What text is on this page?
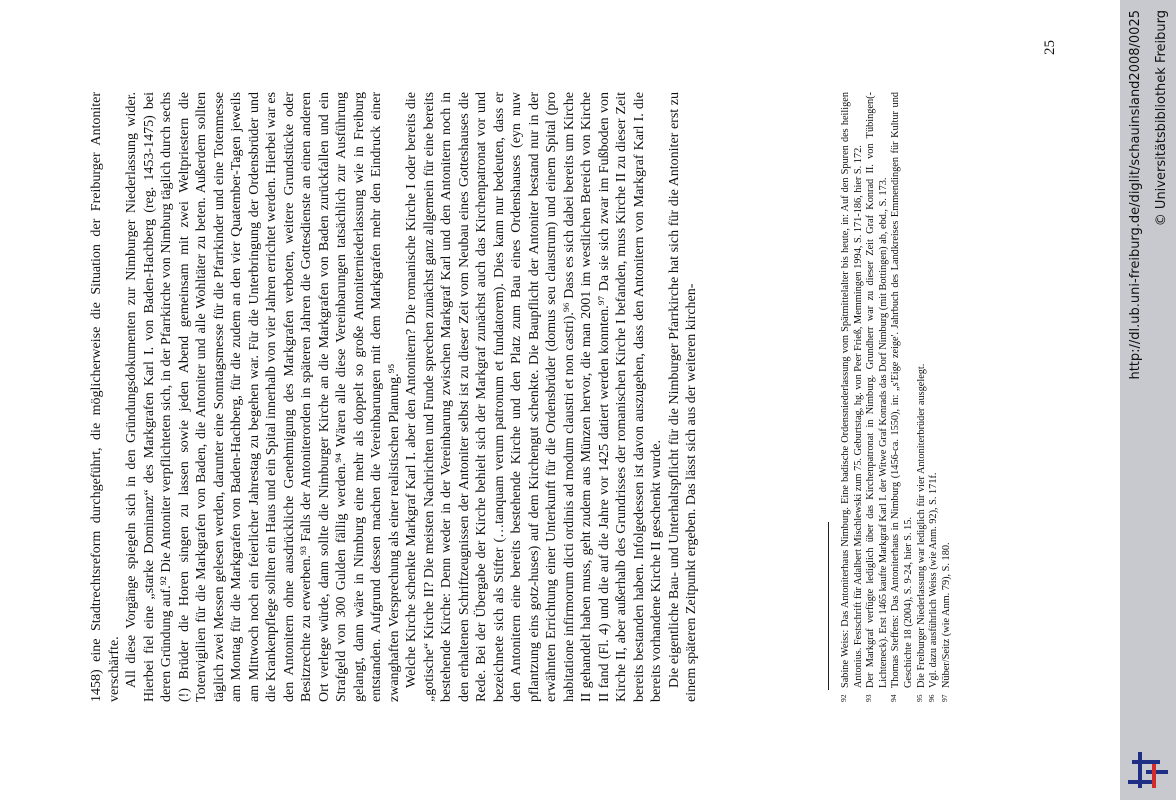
1458) eine Stadtrechtsreform durchgeführt, die möglicherweise die Situation der Freiburger Antoniter verschärfte. All diese Vorgänge spiegeln sich in den Gründungsdokumenten zur Nimburger Niederlassung wider. Hierbei fiel eine „starke Dominanz“ des Markgrafen Karl I. von Baden-Hachberg (reg. 1453-1475) bei deren Gründung auf.⁹² Die Antoniter verpflichteten sich, in der Pfarrkirche von Nimburg täglich durch sechs (!) Brüder die Horen singen zu lassen sowie jeden Abend gemeinsam mit zwei Weltpriestern die Totenvigilien für die Markgrafen von Baden, die Antoniter und alle Wohltäter zu beten. Außerdem sollten täglich zwei Messen gelesen werden, darunter eine Sonntagsmesse für die Pfarrkinder und eine Totenmesse am Montag für die Markgrafen von Baden-Hachberg, für die zudem an den vier Quatember-Tagen jeweils am Mittwoch noch ein feierlicher Jahrestag zu begehen war. Für die Unterbringung der Ordensbrüder und die Krankenpflege sollten ein Haus und ein Spital innerhalb von vier Jahren errichtet werden. Hierbei war es den Antonitern ohne ausdrückliche Genehmigung des Markgrafen verboten, weitere Grundstücke oder Besitzrechte zu erwerben.⁹³ Falls der Antoniterorden in späteren Jahren die Gottesdienste an einen anderen Ort verlege würde, dann sollte die Nimburger Kirche an die Markgrafen von Baden zurückfallen und ein Strafgeld von 300 Gulden fällig werden.⁹⁴ Wären alle diese Vereinbarungen tatsächlich zur Ausführung gelangt, dann wäre in Nimburg eine mehr als doppelt so große Antoniterniederlassung wie in Freiburg entstanden. Aufgrund dessen machen die Vereinbarungen mit dem Markgrafen mehr den Eindruck einer zwanghaften Versprechung als einer realistischen Planung.⁹⁵ Welche Kirche schenkte Markgraf Karl I. aber den Antonitern? Die romanische Kirche I oder bereits die „gotische“ Kirche II? Die meisten Nachrichten und Funde sprechen zunächst ganz allgemein für eine bereits bestehende Kirche: Denn weder in der Vereinbarung zwischen Markgraf Karl und den Antonitern noch in den erhaltenen Schriftzeugnissen der Antoniter selbst ist zu dieser Zeit vom Neubau eines Gotteshauses die Rede. Bei der Übergabe der Kirche behielt sich der Markgraf zunächst auch das Kirchenpatronat vor und bezeichnete sich als Stifter (…tanquam verum patronum et fundatorem). Dies kann nur bedeuten, dass er den Antonitern eine bereits bestehende Kirche und den Platz zum Bau eines Ordenshauses (eyn nuw pflantzung eins gotz-huses) auf dem Kirchengut schenkte. Die Baupflicht der Antoniter bestand nur in der erwähnten Errichtung einer Unterkunft für die Ordensbrüder (domus seu claustrum) und einem Spital (pro habitatione infirmorum dicti ordinis ad modum claustri et non castri).⁹⁶ Dass es sich dabei bereits um Kirche II gehandelt haben muss, geht zudem aus Münzen hervor, die man 2001 im westlichen Bereich von Kirche II fand (Fl. 4) und die auf die Jahre vor 1425 datiert werden konnten.⁹⁷ Da sie sich zwar im Fußboden von Kirche II, aber außerhalb des Grundrisses der romanischen Kirche I befanden, muss Kirche II zu dieser Zeit bereits bestanden haben. Infolgedessen ist davon auszugehen, dass den Antonitern von Markgraf Karl I. die bereits vorhandene Kirche II geschenkt wurde. Die eigentliche Bau- und Unterhaltspflicht für die Nimburger Pfarrkirche hat sich für die Antoniter erst zu einem späteren Zeitpunkt ergeben. Das lässt sich aus der weiteren kirchen-	92
Sabine Weiss: Das Antoniterhaus Nimburg. Eine badische Ordensniederlassung vom Spätmittelalter bis heute, in: Auf den Spuren des heiligen Antonius. Festschrift für Adalbert Mischlewski zum 75. Geburtstag, hg. von Peer Frieß, Memmingen 1994, S. 171-186, hier S. 172.
93
Der Markgraf verfügte lediglich über das Kirchenpatronat in Nimburg. Grundherr war zu dieser Zeit Graf Konrad II. von Tübingen(-Lichteneck). Erst 1465 kaufte Markgraf Karl I. der Witwe Graf Konrads das Dorf Nimburg (mit Bottingen) ab, ebd., S. 173.
94
Thomas Steffens: Das Antoniterhaus in Nimburg (1456-ca. 1550), in: „s'Eige zeige'. Jahrbuch des Landkreises Emmendingen für Kultur und Geschichte 18 (2004), S. 9-24, hier S. 15.
95
Die Freiburger Niederlassung war lediglich für vier Antoniterbrüder ausgelegt.
96
Vgl. dazu ausführlich Weiss (wie Anm. 92), S. 171f.
97
Nüber/Seitz (wie Anm. 79), S. 180.
25	http://dl.ub.uni-freiburg.de/diglit/schauinsland2008/0025 © Universitätsbibliothek Freiburg
